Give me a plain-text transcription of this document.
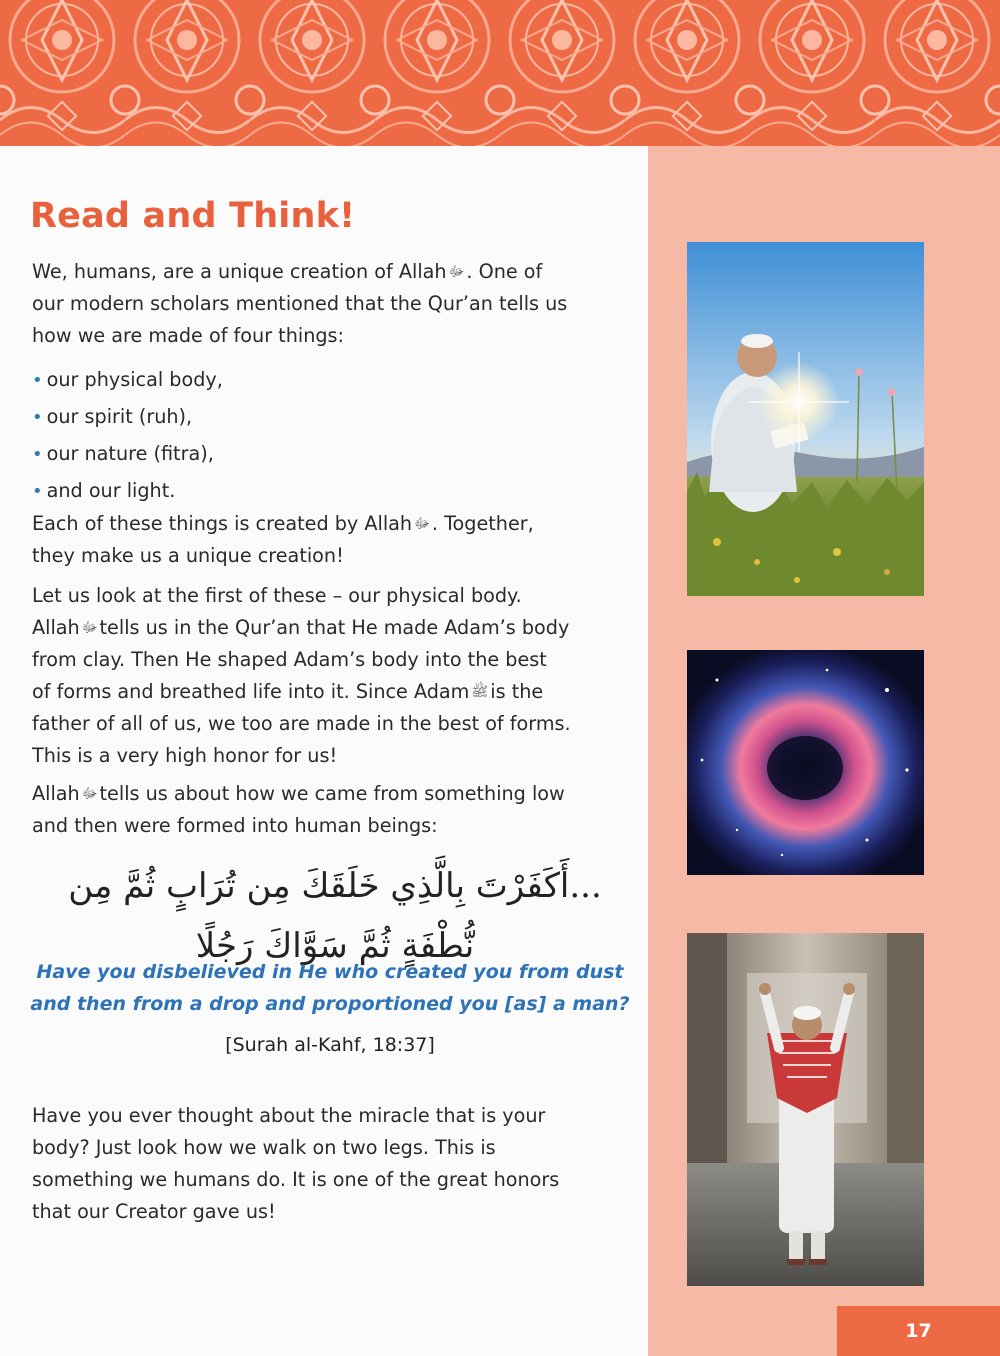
Read and Think!
We, humans, are a unique creation of Allah ﷻ . One of
our modern scholars mentioned that the Qur’an tells us
how we are made of four things:
• our physical body,
• our spirit (ruh),
• our nature (fitra),
• and our light.
Each of these things is created by Allah ﷻ . Together,
they make us a unique creation!
Let us look at the first of these – our physical body.
Allah ﷻ tells us in the Qur’an that He made Adam’s body
from clay. Then He shaped Adam’s body into the best
of forms and breathed life into it. Since Adam ﷺ is the
father of all of us, we too are made in the best of forms.
This is a very high honor for us!
Allah ﷻ tells us about how we came from something low
and then were formed into human beings:
...أَكَفَرْتَ بِالَّذِي خَلَقَكَ مِن تُرَابٍ ثُمَّ مِن نُّطْفَةٍ ثُمَّ سَوَّاكَ رَجُلًا
Have you disbelieved in He who created you from dust
and then from a drop and proportioned you [as] a man?
[Surah al-Kahf, 18:37]
Have you ever thought about the miracle that is your
body? Just look how we walk on two legs. This is
something we humans do. It is one of the great honors
that our Creator gave us!
17
